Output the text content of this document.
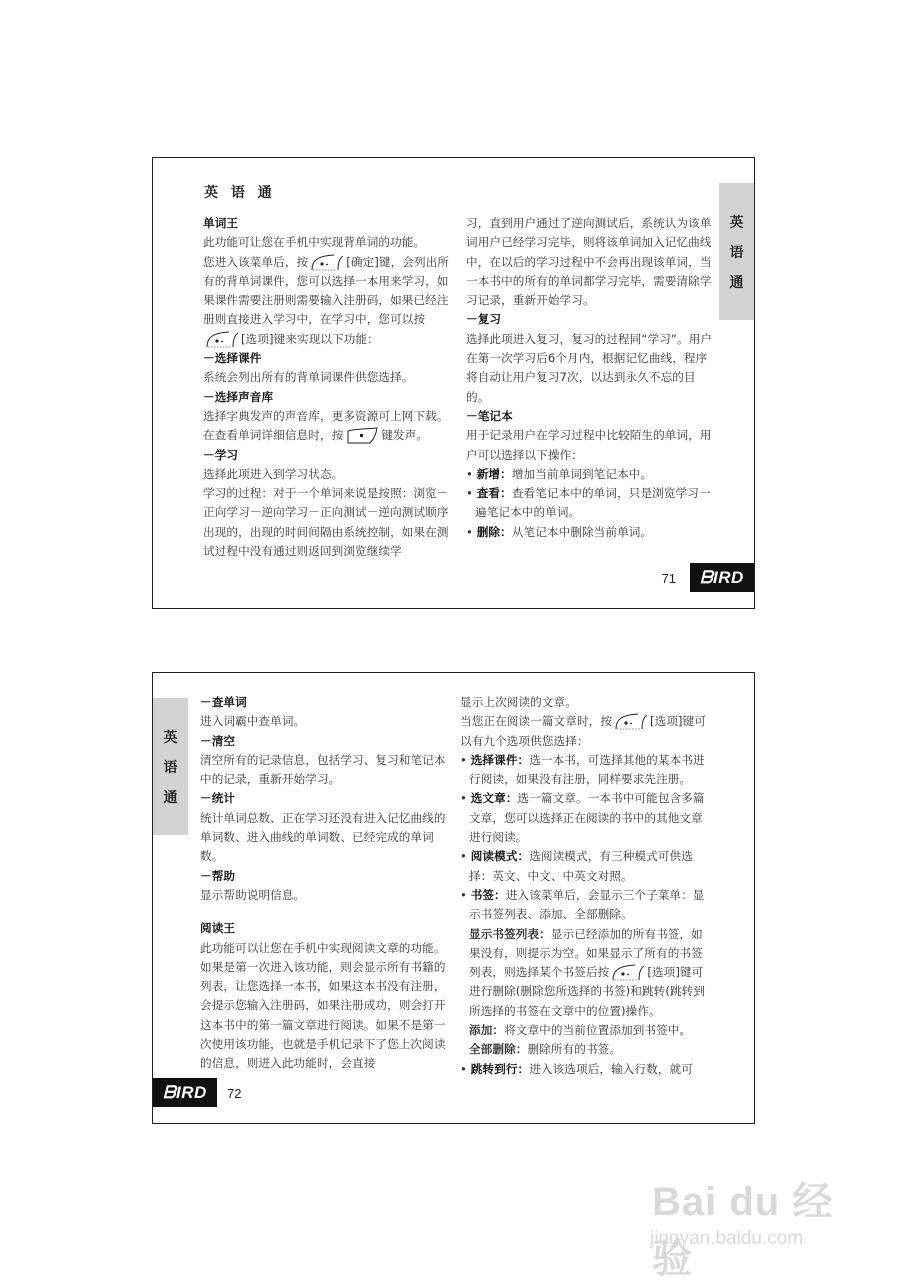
英 语 通
英
语
通
单词王
此功能可让您在手机中实现背单词的功能。
您进入该菜单后，按	[确定]键，会列出所有的背单词课件，您可以选择一本用来学习，如果课件需要注册则需要输入注册码，如果已经注册则直接进入学习中，在学习中，您可以按[选项]键来实现以下功能：
－选择课件
系统会列出所有的背单词课件供您选择。
－选择声音库
选择字典发声的声音库，更多资源可上网下载。
在查看单词详细信息时，按	键发声。
－学习
选择此项进入到学习状态。
学习的过程：对于一个单词来说是按照：浏览－正向学习－逆向学习－正向测试－逆向测试顺序出现的，出现的时间间隔由系统控制，如果在测试过程中没有通过则返回到浏览继续学
习，直到用户通过了逆向测试后，系统认为该单词用户已经学习完毕，则将该单词加入记忆曲线中，在以后的学习过程中不会再出现该单词，当一本书中的所有的单词都学习完毕，需要清除学习记录，重新开始学习。
－复习
选择此项进入复习，复习的过程同“学习”。用户在第一次学习后6个月内，根据记忆曲线，程序将自动让用户复习7次，以达到永久不忘的目的。
－笔记本
用于记录用户在学习过程中比较陌生的单词，用户可以选择以下操作：
• 新增：增加当前单词到笔记本中。
• 查看：查看笔记本中的单词，只是浏览学习一遍笔记本中的单词。
• 删除：从笔记本中删除当前单词。
71	ᗷIRD
英
语
通
－查单词
进入词霸中查单词。
－清空
清空所有的记录信息，包括学习、复习和笔记本中的记录，重新开始学习。
－统计
统计单词总数、正在学习还没有进入记忆曲线的单词数、进入曲线的单词数、已经完成的单词数。
－帮助
显示帮助说明信息。
阅读王
此功能可以让您在手机中实现阅读文章的功能。如果是第一次进入该功能，则会显示所有书籍的列表，让您选择一本书，如果这本书没有注册，会提示您输入注册码，如果注册成功，则会打开这本书中的第一篇文章进行阅读。如果不是第一次使用该功能，也就是手机记录下了您上次阅读的信息，则进入此功能时，会直接
显示上次阅读的文章。
当您正在阅读一篇文章时，按	[选项]键可以有九个选项供您选择：
• 选择课件：选一本书，可选择其他的某本书进行阅读，如果没有注册，同样要求先注册。
• 选文章：选一篇文章。一本书中可能包含多篇文章，您可以选择正在阅读的书中的其他文章进行阅读。
• 阅读模式：选阅读模式，有三种模式可供选择：英文、中文、中英文对照。
• 书签：进入该菜单后，会显示三个子菜单：显示书签列表、添加、全部删除。
显示书签列表：显示已经添加的所有书签，如果没有，则提示为空。如果显示了所有的书签列表，则选择某个书签后按	[选项]键可进行删除(删除您所选择的书签)和跳转(跳转到所选择的书签在文章中的位置)操作。
添加：将文章中的当前位置添加到书签中。
全部删除：删除所有的书签。
• 跳转到行：进入该选项后，输入行数，就可
ᗷIRD	72
Bai du 经验
jingyan.baidu.com
